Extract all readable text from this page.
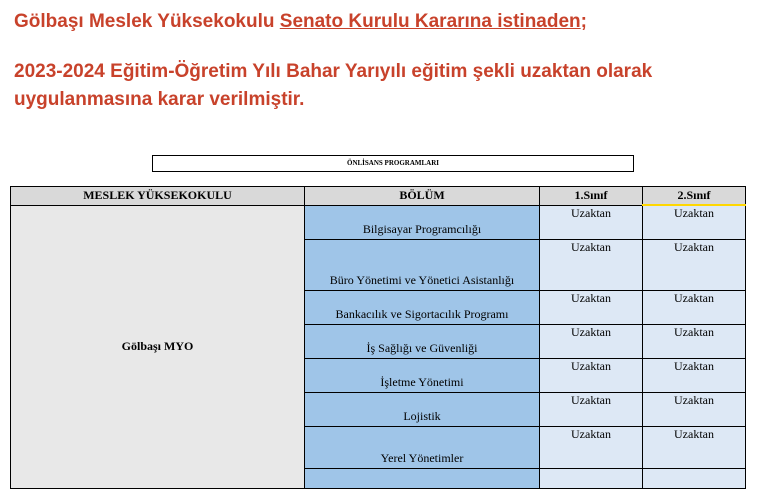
Gölbaşı Meslek Yüksekokulu Senato Kurulu Kararına istinaden;
2023-2024 Eğitim-Öğretim Yılı Bahar Yarıyılı eğitim şekli uzaktan olarak uygulanmasına karar verilmiştir.
ÖNLİSANS PROGRAMLARI
MESLEK YÜKSEKOKULU	BÖLÜM	1.Sınıf	2.Sınıf
Gölbaşı MYO	Bilgisayar Programcılığı	Uzaktan	Uzaktan
	Büro Yönetimi ve Yönetici Asistanlığı	Uzaktan	Uzaktan
	Bankacılık ve Sigortacılık Programı	Uzaktan	Uzaktan
	İş Sağlığı ve Güvenliği	Uzaktan	Uzaktan
	İşletme Yönetimi	Uzaktan	Uzaktan
	Lojistik	Uzaktan	Uzaktan
	Yerel Yönetimler	Uzaktan	Uzaktan
